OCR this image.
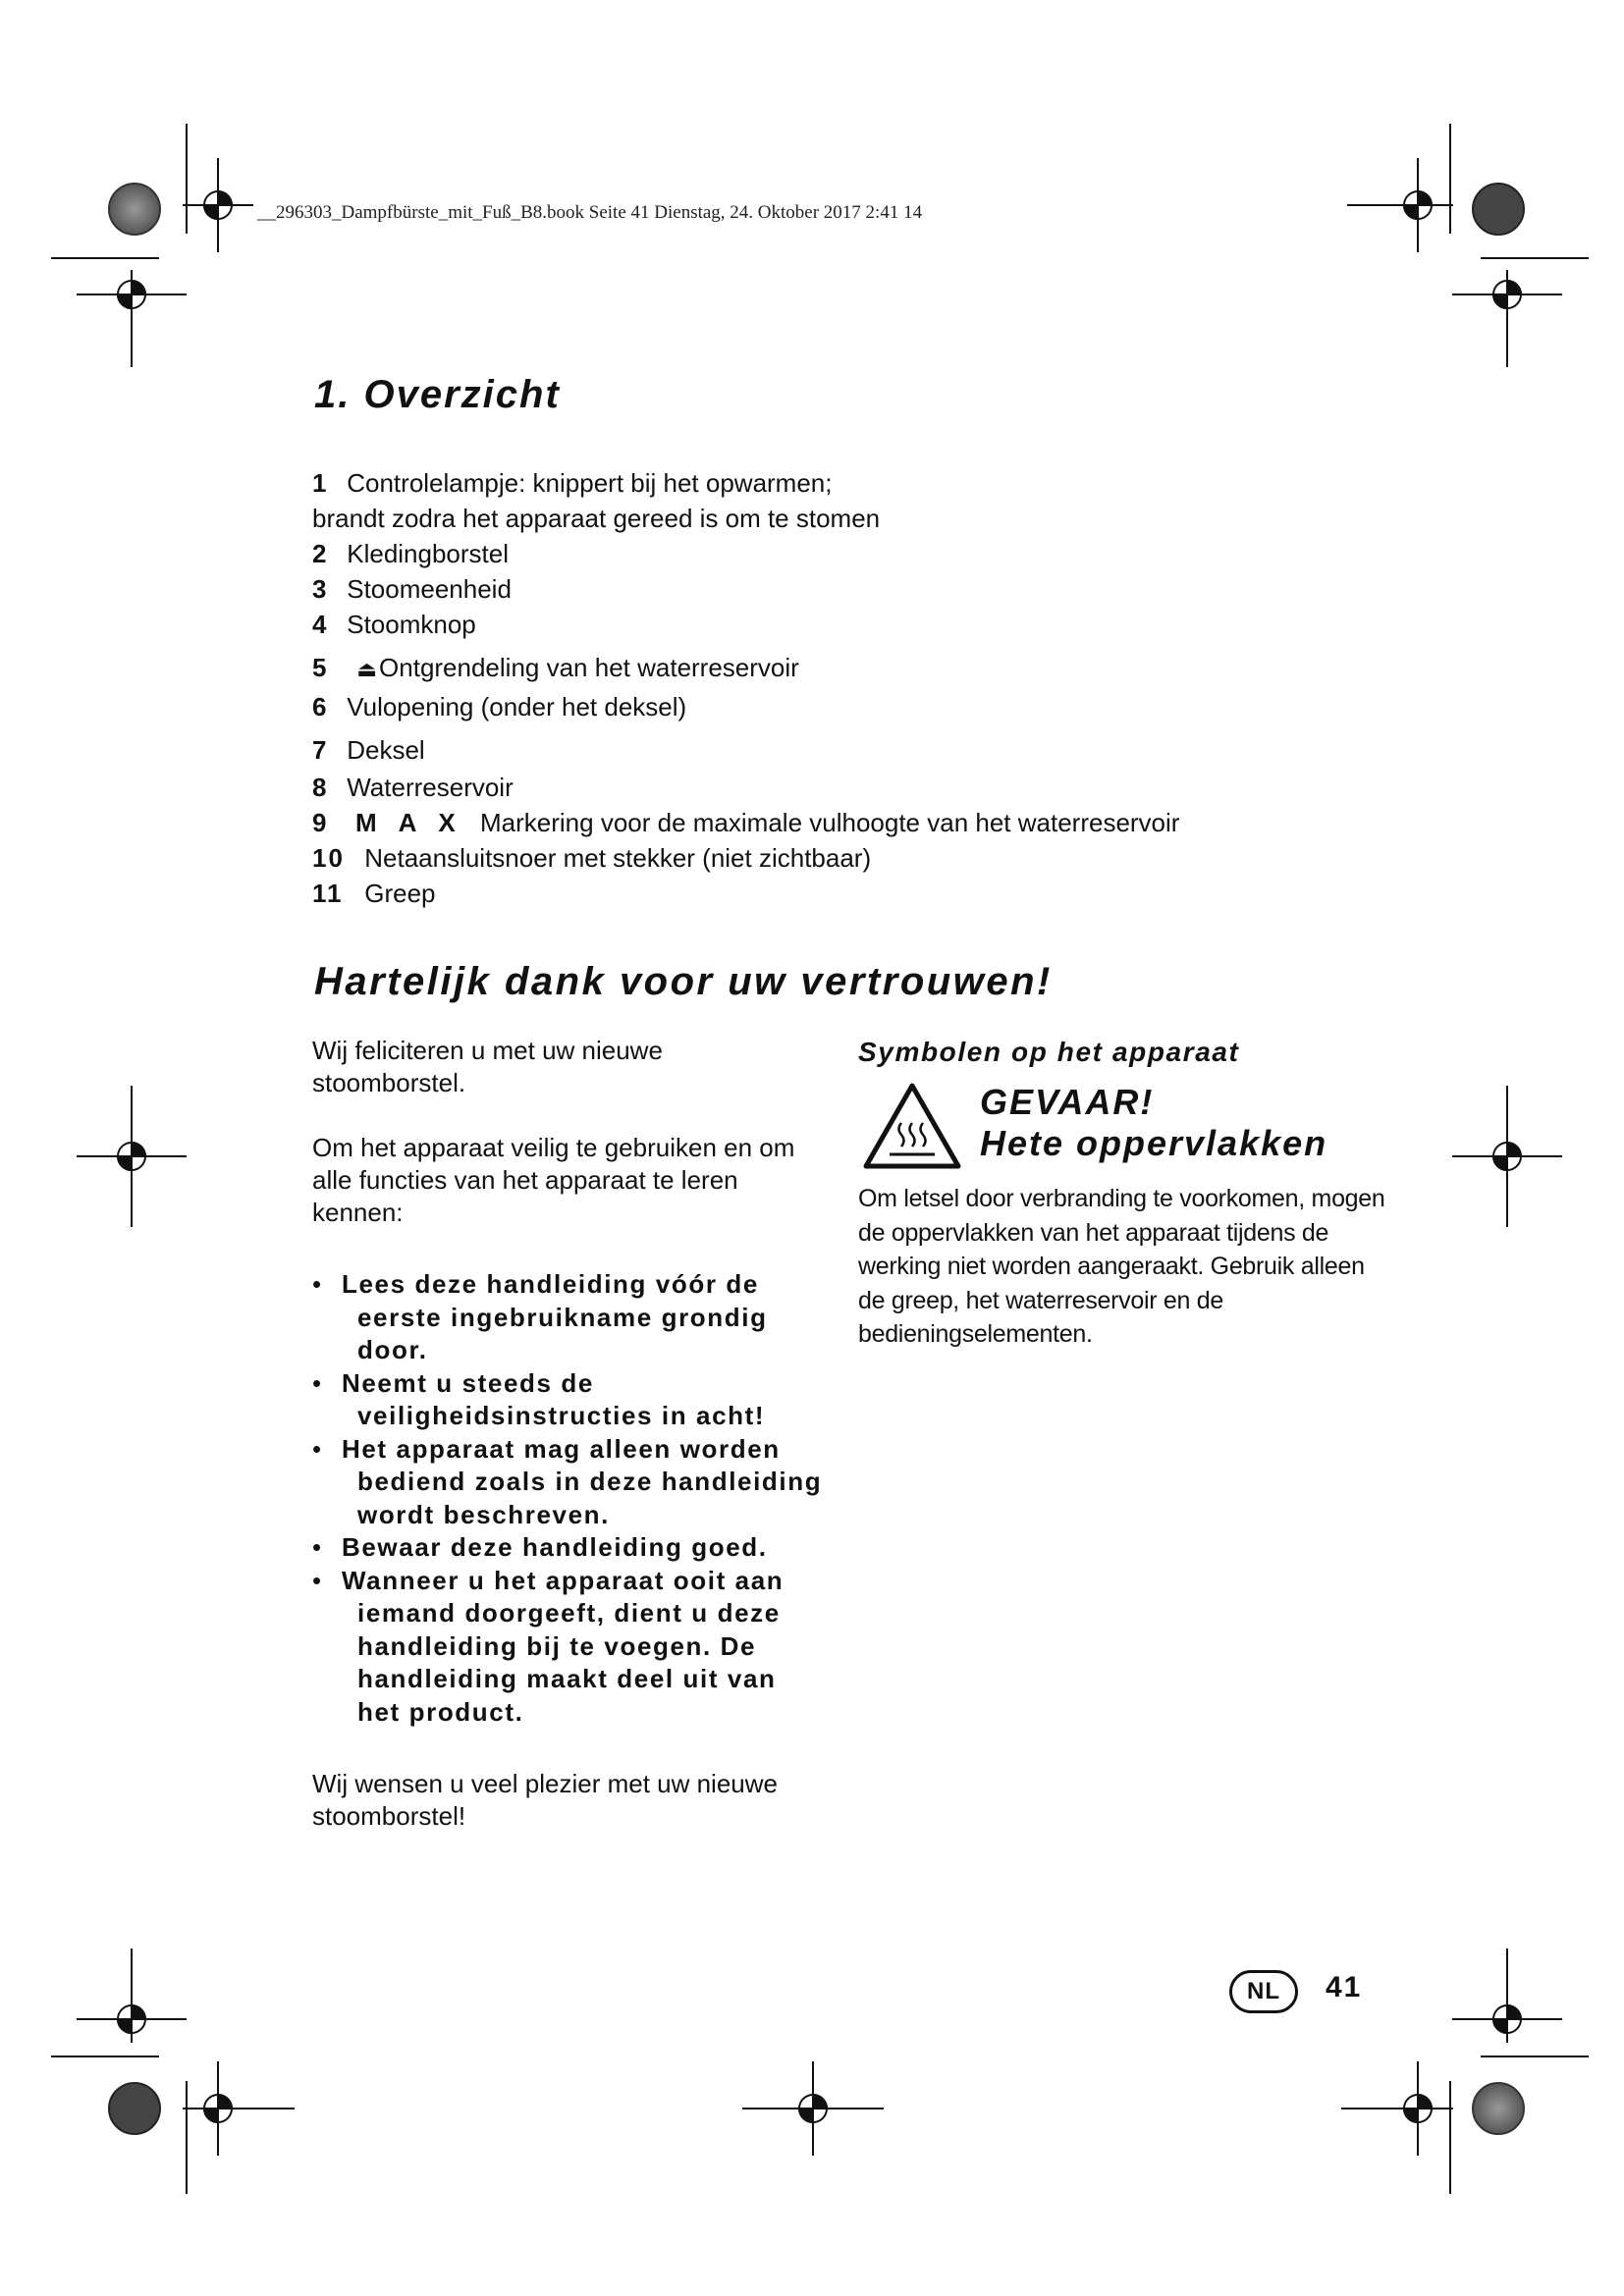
__296303_Dampfbürste_mit_Fuß_B8.book Seite 41 Dienstag, 24. Oktober 2017 2:41 14
1. Overzicht
1 Controlelampje: knippert bij het opwarmen;
brandt zodra het apparaat gereed is om te stomen
2 Kledingborstel
3 Stoomeenheid
4 Stoomknop
5 ⏏Ontgrendeling van het waterreservoir
6 Vulopening (onder het deksel)
7 Deksel
8 Waterreservoir
9 MAX Markering voor de maximale vulhoogte van het waterreservoir
10 Netaansluitsnoer met stekker (niet zichtbaar)
11 Greep
Hartelijk dank voor uw vertrouwen!

Wij feliciteren u met uw nieuwe stoomborstel.

Om het apparaat veilig te gebruiken en om alle functies van het apparaat te leren kennen:

• Lees deze handleiding vóór de eerste ingebruikname grondig door.
• Neemt u steeds de veiligheidsinstructies in acht!
• Het apparaat mag alleen worden bediend zoals in deze handleiding wordt beschreven.
• Bewaar deze handleiding goed.
• Wanneer u het apparaat ooit aan iemand doorgeeft, dient u deze handleiding bij te voegen. De handleiding maakt deel uit van het product.

Wij wensen u veel plezier met uw nieuwe stoomborstel!

Symbolen op het apparaat
GEVAAR!
Hete oppervlakken
Om letsel door verbranding te voorkomen, mogen de oppervlakken van het apparaat tijdens de werking niet worden aangeraakt. Gebruik alleen de greep, het waterreservoir en de bedieningselementen.
NL	41
